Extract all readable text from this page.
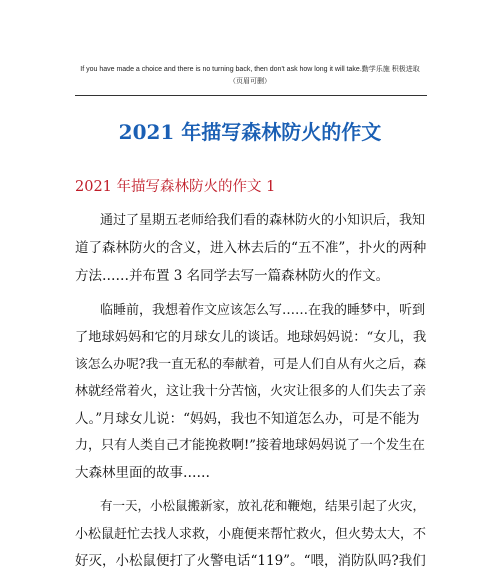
If you have made a choice and there is no turning back, then don't ask how long it will take.勤学乐施 积极进取
（页眉可删）
2021 年描写森林防火的作文
2021 年描写森林防火的作文 1
通过了星期五老师给我们看的森林防火的小知识后，我知
道了森林防火的含义，进入林去后的“五不准”，扑火的两种
方法……并布置 3 名同学去写一篇森林防火的作文。
临睡前，我想着作文应该怎么写……在我的睡梦中，听到
了地球妈妈和它的月球女儿的谈话。地球妈妈说：“女儿，我
该怎么办呢?我一直无私的奉献着，可是人们自从有火之后，森
林就经常着火，这让我十分苦恼，火灾让很多的人们失去了亲
人。”月球女儿说：“妈妈，我也不知道怎么办，可是不能为
力，只有人类自己才能挽救啊!”接着地球妈妈说了一个发生在
大森林里面的故事……
有一天，小松鼠搬新家，放礼花和鞭炮，结果引起了火灾，
小松鼠赶忙去找人求救，小鹿便来帮忙救火，但火势太大，不
好灭，小松鼠便打了火警电话“119”。“喂，消防队吗?我们
